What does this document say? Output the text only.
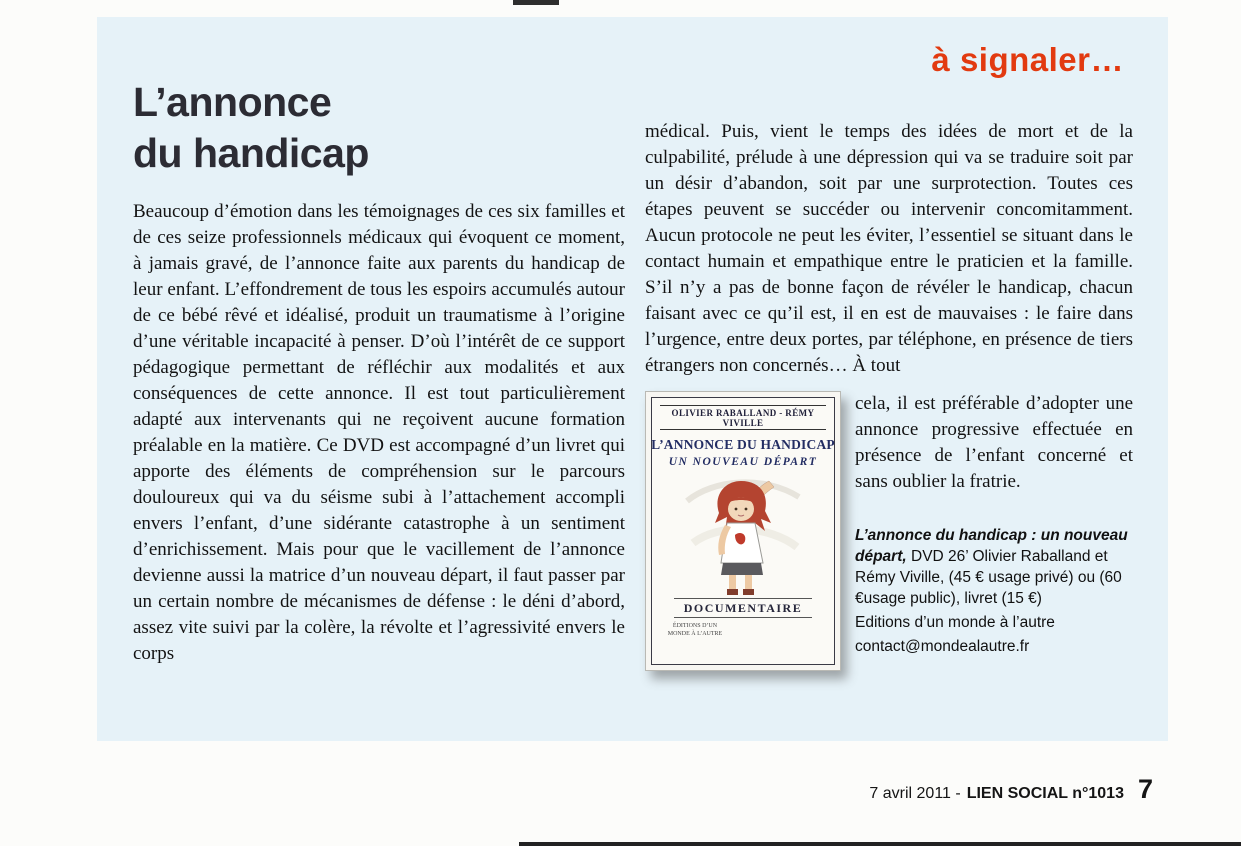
à signaler…
L’annonce
du handicap

Beaucoup d’émotion dans les témoignages de ces six familles et de ces seize professionnels médicaux qui évoquent ce moment, à jamais gravé, de l’annonce faite aux parents du handicap de leur enfant. L’effondrement de tous les espoirs accumulés autour de ce bébé rêvé et idéalisé, produit un traumatisme à l’origine d’une véritable incapacité à penser. D’où l’intérêt de ce support pédagogique permettant de réfléchir aux modalités et aux conséquences de cette annonce. Il est tout particulièrement adapté aux intervenants qui ne reçoivent aucune formation préalable en la matière. Ce DVD est accompagné d’un livret qui apporte des éléments de compréhension sur le parcours douloureux qui va du séisme subi à l’attachement accompli envers l’enfant, d’une sidérante catastrophe à un sentiment d’enrichissement. Mais pour que le vacillement de l’annonce devienne aussi la matrice d’un nouveau départ, il faut passer par un certain nombre de mécanismes de défense : le déni d’abord, assez vite suivi par la colère, la révolte et l’agressivité envers le corps

médical. Puis, vient le temps des idées de mort et de la culpabilité, prélude à une dépression qui va se traduire soit par un désir d’abandon, soit par une surprotection. Toutes ces étapes peuvent se succéder ou intervenir concomitamment. Aucun protocole ne peut les éviter, l’essentiel se situant dans le contact humain et empathique entre le praticien et la famille. S’il n’y a pas de bonne façon de révéler le handicap, chacun faisant avec ce qu’il est, il en est de mauvaises : le faire dans l’urgence, entre deux portes, par téléphone, en présence de tiers étrangers non concernés… À tout

OLIVIER RABALLAND - RÉMY VIVILLE
L’ANNONCE DU HANDICAP
UN NOUVEAU DÉPART
DOCUMENTAIRE
ÉDITIONS D’UN MONDE À L’AUTRE

cela, il est préférable d’adopter une annonce progressive effectuée en présence de l’enfant concerné et sans oublier la fratrie.

L’annonce du handicap : un nouveau départ, DVD 26’ Olivier Raballand et Rémy Viville, (45 € usage privé) ou (60 €usage public), livret (15 €)

Editions d’un monde à l’autre

contact@mondealautre.fr

7 avril 2011 - LIEN SOCIAL n°1013 7
